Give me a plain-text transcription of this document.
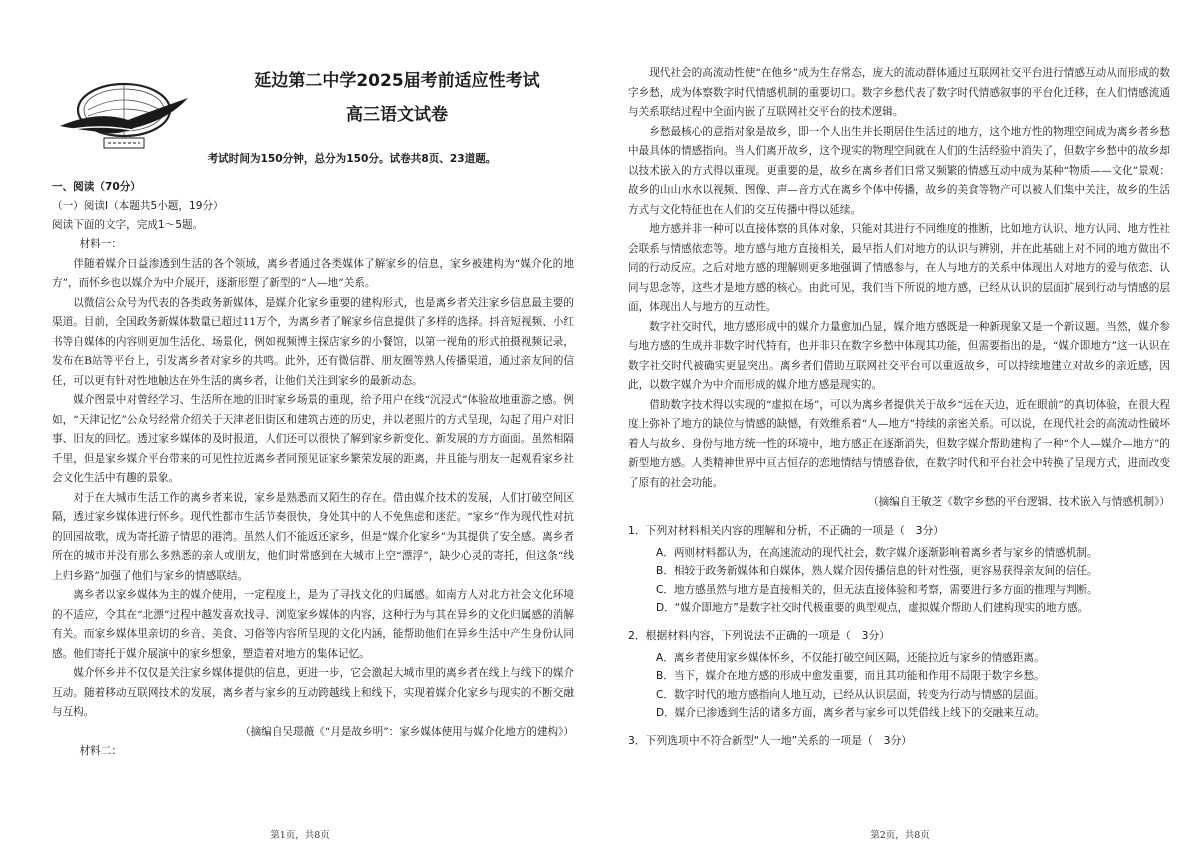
延边第二中学2025届考前适应性考试
高三语文试卷
考试时间为150分钟，总分为150分。试卷共8页、23道题。

一、阅读（70分）

（一）阅读Ⅰ（本题共5小题，19分）

阅读下面的文字，完成1～5题。

材料一：

伴随着媒介日益渗透到生活的各个领域，离乡者通过各类媒体了解家乡的信息，家乡被建构为“媒介化的地方”，而怀乡也以媒介为中介展开，逐渐形塑了新型的“人—地”关系。

以微信公众号为代表的各类政务新媒体，是媒介化家乡重要的建构形式，也是离乡者关注家乡信息最主要的渠道。目前，全国政务新媒体数量已超过11万个，为离乡者了解家乡信息提供了多样的选择。抖音短视频、小红书等自媒体的内容则更加生活化、场景化，例如视频博主探店家乡的小餐馆，以第一视角的形式拍摄视频记录，发布在B站等平台上，引发离乡者对家乡的共鸣。此外，还有微信群、朋友圈等熟人传播渠道，通过亲友间的信任，可以更有针对性地触达在外生活的离乡者，让他们关注到家乡的最新动态。

媒介图景中对曾经学习、生活所在地的旧时家乡场景的重现，给予用户在线“沉浸式”体验故地重游之感。例如，“天津记忆”公众号经常介绍关于天津老旧街区和建筑古迹的历史，并以老照片的方式呈现，勾起了用户对旧事、旧友的回忆。透过家乡媒体的及时报道，人们还可以很快了解到家乡新变化、新发展的方方面面。虽然相隔千里，但是家乡媒介平台带来的可见性拉近离乡者同预见证家乡繁荣发展的距离，并且能与朋友一起观看家乡社会文化生活中有趣的景象。

对于在大城市生活工作的离乡者来说，家乡是熟悉而又陌生的存在。借由媒介技术的发展，人们打破空间区隔，透过家乡媒体进行怀乡。现代性都市生活节奏很快，身处其中的人不免焦虑和迷茫。“家乡”作为现代性对抗的回园故歌，成为寄托游子情思的港湾。虽然人们不能返还家乡，但是“媒介化家乡”为其提供了安全感。离乡者所在的城市并没有那么多熟悉的亲人或朋友，他们时常感到在大城市上空“漂浮”，缺少心灵的寄托，但这条“线上归乡路”加强了他们与家乡的情感联结。

离乡者以家乡媒体为主的媒介使用，一定程度上，是为了寻找文化的归属感。如南方人对北方社会文化环境的不适应，令其在“北漂”过程中越发喜欢找寻、浏览家乡媒体的内容，这种行为与其在异乡的文化归属感的消解有关。而家乡媒体里亲切的乡音、美食、习俗等内容所呈现的文化内涵，能帮助他们在异乡生活中产生身份认同感。他们寄托于媒介展演中的家乡想象，塑造着对地方的集体记忆。

媒介怀乡并不仅仅是关注家乡媒体提供的信息，更进一步，它会激起大城市里的离乡者在线上与线下的媒介互动。随着移动互联网技术的发展，离乡者与家乡的互动跨越线上和线下，实现着媒介化家乡与现实的不断交融与互构。

（摘编自吴璟薇《“月是故乡明”：家乡媒体使用与媒介化地方的建构》）

材料二：

第1页，共8页

现代社会的高流动性使“在他乡”成为生存常态，庞大的流动群体通过互联网社交平台进行情感互动从而形成的数字乡愁，成为体察数字时代情感机制的重要切口。数字乡愁代表了数字时代情感叙事的平台化迁移，在人们情感流通与关系联结过程中全面内嵌了互联网社交平台的技术逻辑。

乡愁最核心的意指对象是故乡，即一个人出生并长期居住生活过的地方，这个地方性的物理空间成为离乡者乡愁中最具体的情感指向。当人们离开故乡，这个现实的物理空间就在人们的生活经验中消失了，但数字乡愁中的故乡却以技术嵌入的方式得以重现。更重要的是，故乡在离乡者们日常又频繁的情感互动中成为某种“物质——文化”景观：故乡的山山水水以视频、图像、声—音方式在离乡个体中传播，故乡的美食等物产可以被人们集中关注，故乡的生活方式与文化特征也在人们的交互传播中得以延续。

地方感并非一种可以直接体察的具体对象，只能对其进行不同维度的推断，比如地方认识、地方认同、地方性社会联系与情感依恋等。地方感与地方直接相关，最早指人们对地方的认识与辨别，并在此基础上对不同的地方做出不同的行动反应。之后对地方感的理解则更多地强调了情感参与，在人与地方的关系中体现出人对地方的爱与依恋、认同与思念等，这些才是地方感的核心。由此可见，我们当下所说的地方感，已经从认识的层面扩展到行动与情感的层面，体现出人与地方的互动性。

数字社交时代，地方感形成中的媒介力量愈加凸显，媒介地方感既是一种新现象又是一个新议题。当然，媒介参与地方感的生成并非数字时代特有，也并非只在数字乡愁中体现其功能，但需要指出的是，“媒介即地方”这一认识在数字社交时代被确实更显突出。离乡者们借助互联网社交平台可以重返故乡，可以持续地建立对故乡的亲近感，因此，以数字媒介为中介而形成的媒介地方感是现实的。

借助数字技术得以实现的“虚拟在场”，可以为离乡者提供关于故乡“远在天边，近在眼前”的真切体验，在很大程度上弥补了地方的缺位与情感的缺憾，有效维系着“人—地方”持续的亲密关系。可以说，在现代社会的高流动性破坏着人与故乡、身份与地方统一性的环境中，地方感正在逐渐消失，但数字媒介帮助建构了一种“个人—媒介—地方”的新型地方感。人类精神世界中亘古恒存的恋地情结与情感眷依，在数字时代和平台社会中转换了呈现方式，进而改变了原有的社会功能。

（摘编自王敏芝《数字乡愁的平台逻辑、技术嵌入与情感机制》）

1．下列对材料相关内容的理解和分析，不正确的一项是（　3分）

A．两则材料都认为，在高速流动的现代社会，数字媒介逐渐影响着离乡者与家乡的情感机制。

B．相较于政务新媒体和自媒体，熟人媒介因传播信息的针对性强，更容易获得亲友间的信任。

C．地方感虽然与地方是直接相关的，但无法直接体验和考察，需要进行多方面的推理与判断。

D．“媒介即地方”是数字社交时代极重要的典型观点，虚拟媒介帮助人们建构现实的地方感。

2．根据材料内容，下列说法不正确的一项是（　3分）

A．离乡者使用家乡媒体怀乡，不仅能打破空间区隔，还能拉近与家乡的情感距离。

B．当下，媒介在地方感的形成中愈发重要，而且其功能和作用不局限于数字乡愁。

C．数字时代的地方感指向人地互动，已经从认识层面，转变为行动与情感的层面。

D．媒介已渗透到生活的诸多方面，离乡者与家乡可以凭借线上线下的交融来互动。

3．下列选项中不符合新型“人一地”关系的一项是（　3分）

第2页，共8页
